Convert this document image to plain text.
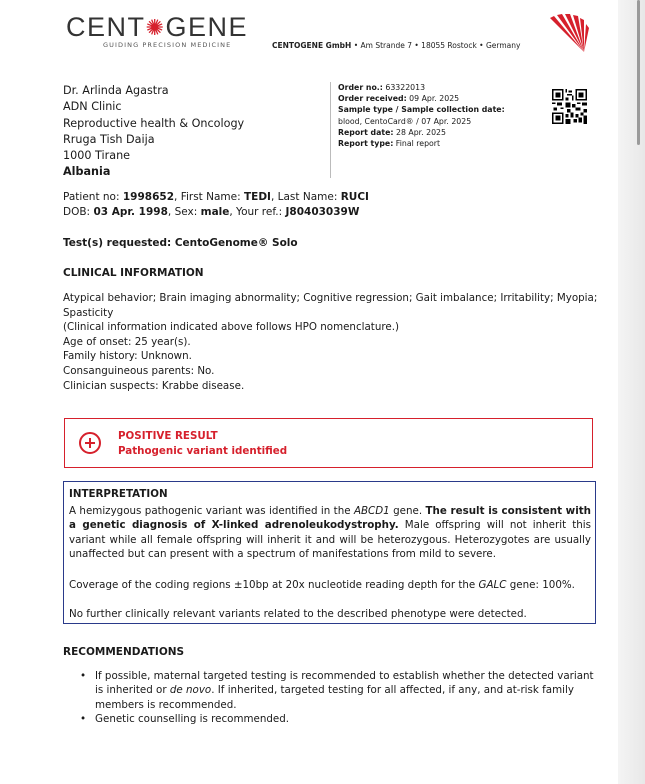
CENT✺GENE
GUIDING PRECISION MEDICINE	CENTOGENE GmbH • Am Strande 7 • 18055 Rostock • Germany
Dr. Arlinda Agastra
ADN Clinic
Reproductive health & Oncology
Rruga Tish Daija
1000 Tirane
Albania
Order no.: 63322013
Order received: 09 Apr. 2025
Sample type / Sample collection date:
blood, CentoCard® / 07 Apr. 2025
Report date: 28 Apr. 2025
Report type: Final report
Patient no: 1998652, First Name: TEDI, Last Name: RUCI
DOB: 03 Apr. 1998, Sex: male, Your ref.: J80403039W
Test(s) requested: CentoGenome® Solo
CLINICAL INFORMATION
Atypical behavior; Brain imaging abnormality; Cognitive regression; Gait imbalance; Irritability; Myopia; Spasticity
(Clinical information indicated above follows HPO nomenclature.)
Age of onset: 25 year(s).
Family history: Unknown.
Consanguineous parents: No.
Clinician suspects: Krabbe disease.
POSITIVE RESULT
Pathogenic variant identified
INTERPRETATION
A hemizygous pathogenic variant was identified in the ABCD1 gene. The result is consistent with a genetic diagnosis of X-linked adrenoleukodystrophy. Male offspring will not inherit this variant while all female offspring will inherit it and will be heterozygous. Heterozygotes are usually unaffected but can present with a spectrum of manifestations from mild to severe.
Coverage of the coding regions ±10bp at 20x nucleotide reading depth for the GALC gene: 100%.
No further clinically relevant variants related to the described phenotype were detected.
RECOMMENDATIONS
• If possible, maternal targeted testing is recommended to establish whether the detected variant is inherited or de novo. If inherited, targeted testing for all affected, if any, and at-risk family members is recommended.
• Genetic counselling is recommended.
